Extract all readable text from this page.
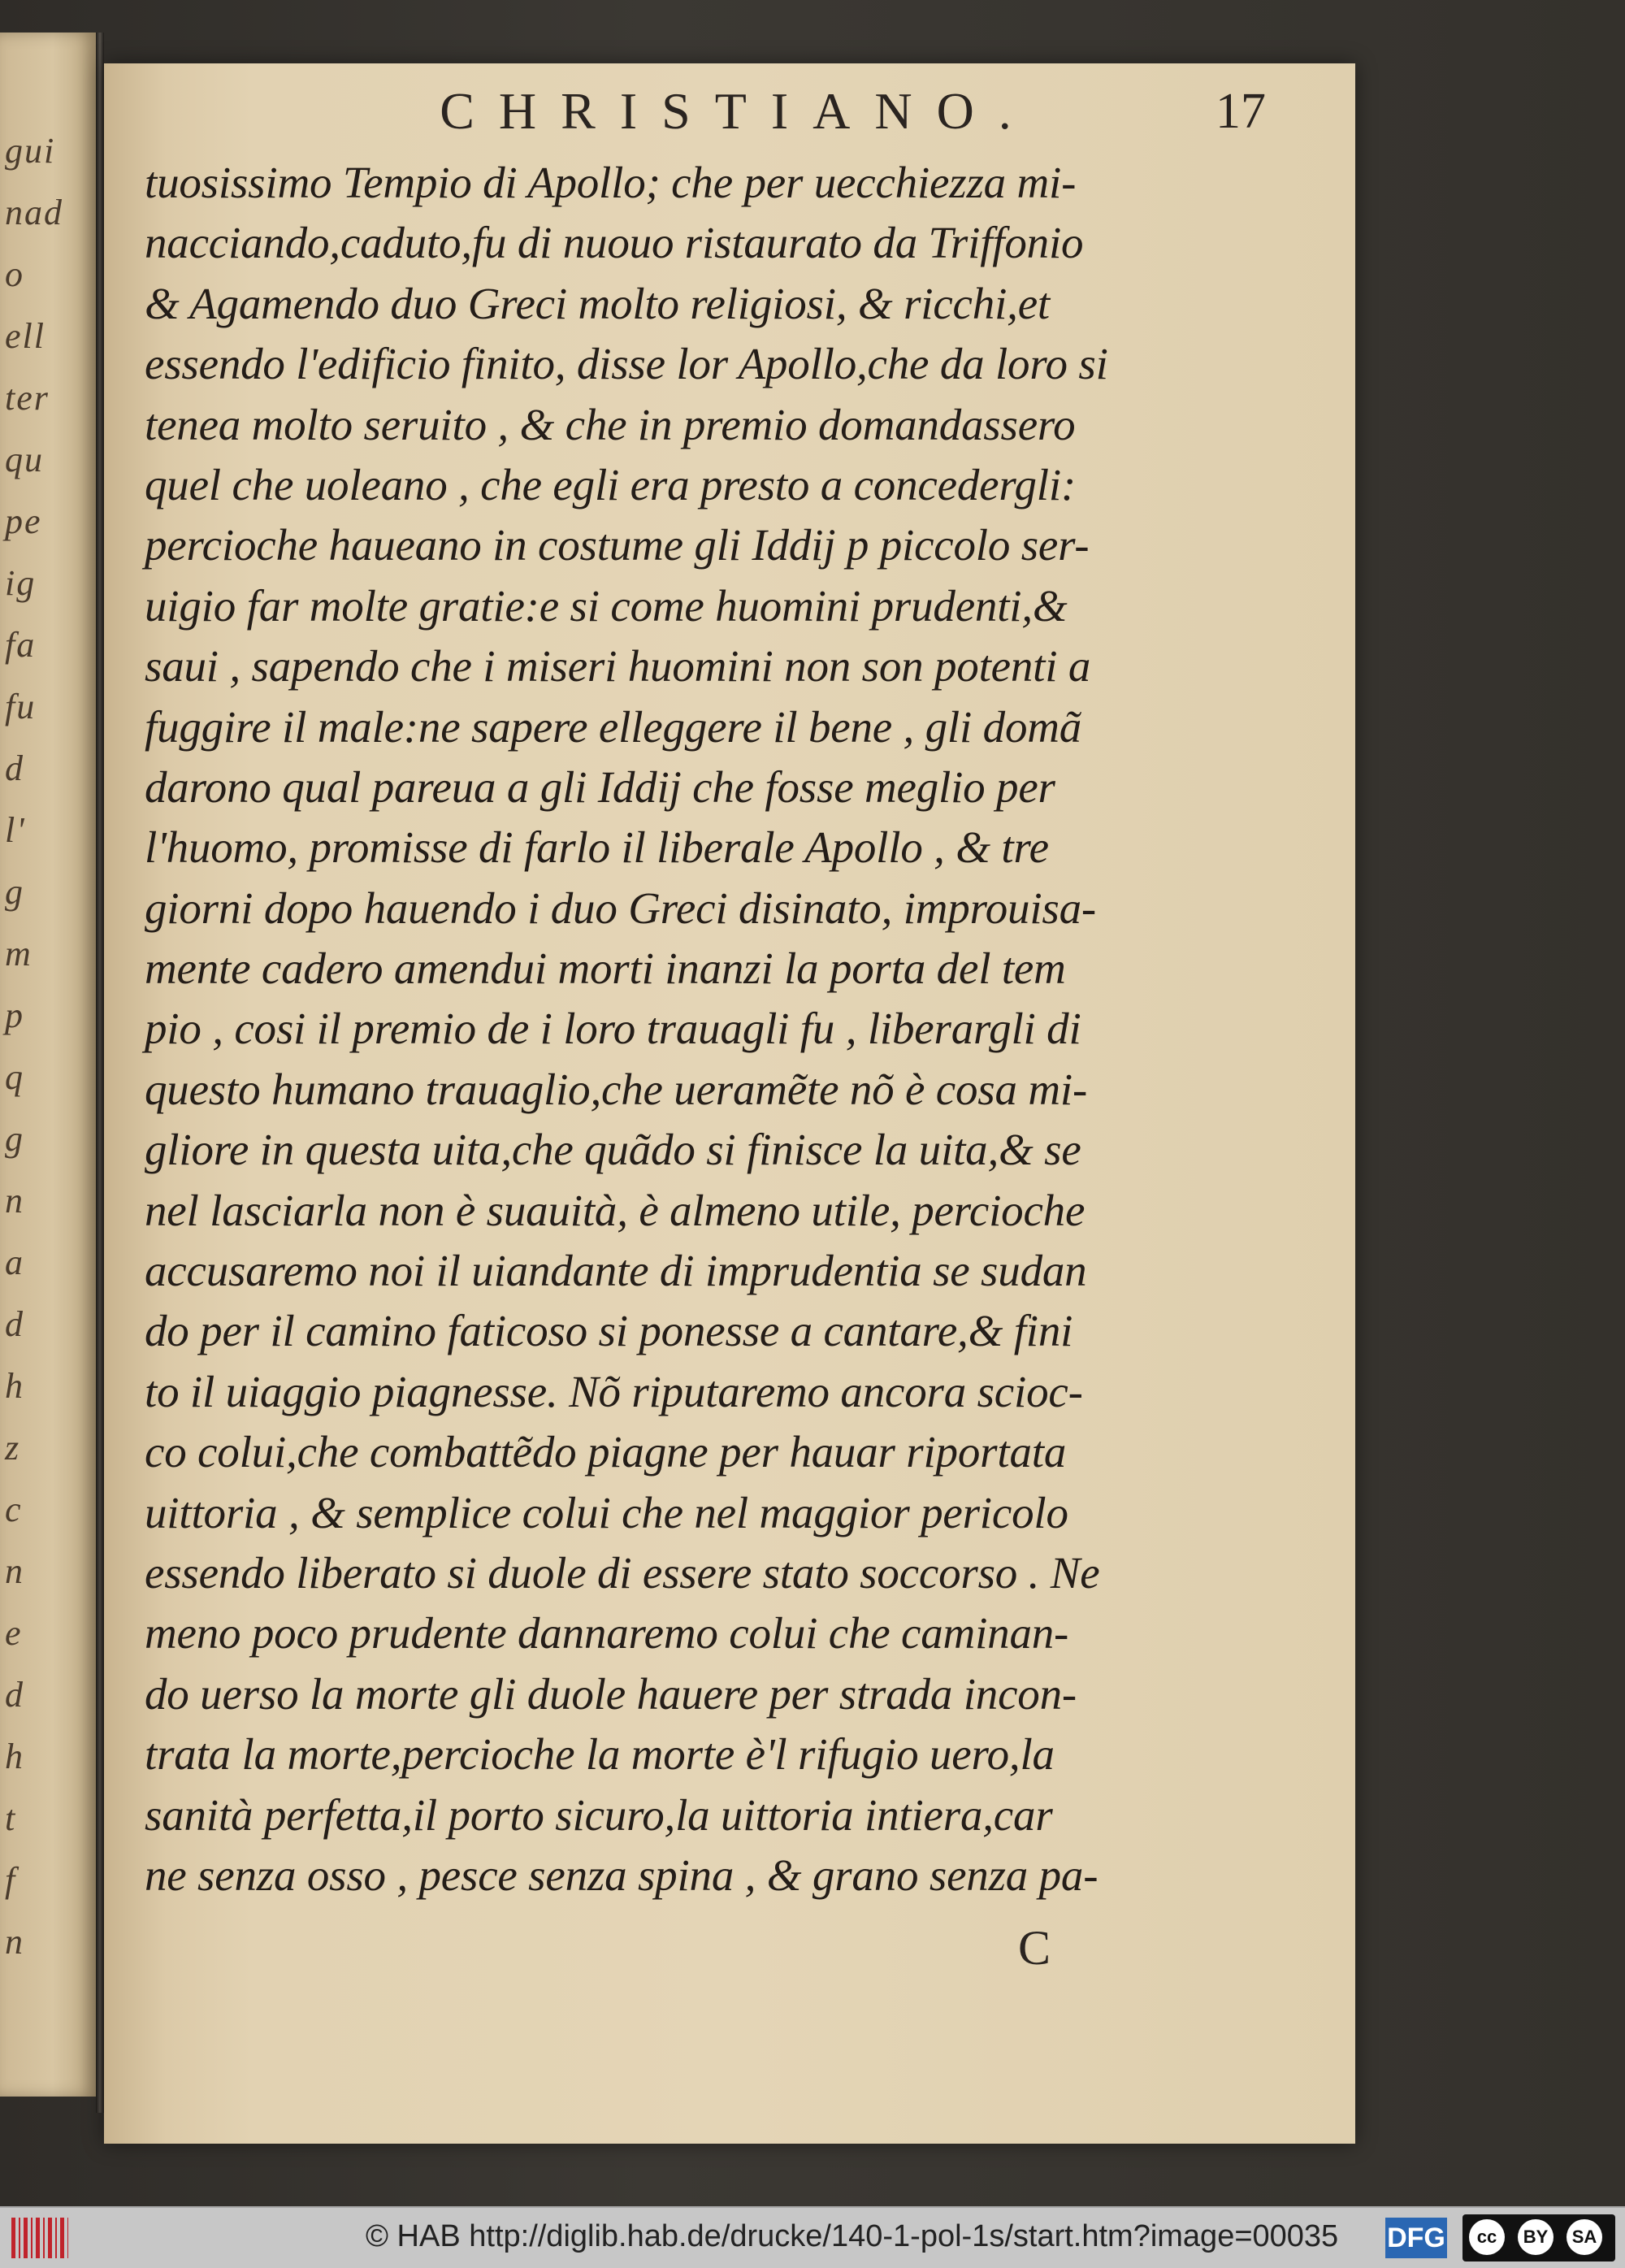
gui
nad
o
ell
ter
qu
pe
ig
fa
fu
d
l'
g
m
p
q
g
n
a
d
h
z
c
n
e
d
h
t
f
n
CHRISTIANO.	17
tuosissimo Tempio di Apollo; che per uecchiezza mi-
nacciando,caduto,fu di nuouo ristaurato da Triffonio
& Agamendo duo Greci molto religiosi, & ricchi,et
essendo l'edificio finito, disse lor Apollo,che da loro si
tenea molto seruito , & che in premio domandassero
quel che uoleano , che egli era presto a concedergli:
percioche haueano in costume gli Iddij p piccolo ser-
uigio far molte gratie:e si come huomini prudenti,&
saui , sapendo che i miseri huomini non son potenti a
fuggire il male:ne sapere elleggere il bene , gli domã
darono qual pareua a gli Iddij che fosse meglio per
l'huomo, promisse di farlo il liberale Apollo , & tre
giorni dopo hauendo i duo Greci disinato, improuisa-
mente cadero amendui morti inanzi la porta del tem
pio , cosi il premio de i loro trauagli fu , liberargli di
questo humano trauaglio,che ueramẽte nõ è cosa mi-
gliore in questa uita,che quãdo si finisce la uita,& se
nel lasciarla non è suauità, è almeno utile, percioche
accusaremo noi il uiandante di imprudentia se sudan
do per il camino faticoso si ponesse a cantare,& fini
to il uiaggio piagnesse. Nõ riputaremo ancora scioc-
co colui,che combattẽdo piagne per hauar riportata
uittoria , & semplice colui che nel maggior pericolo
essendo liberato si duole di essere stato soccorso . Ne
meno poco prudente dannaremo colui che caminan-
do uerso la morte gli duole hauere per strada incon-
trata la morte,percioche la morte è'l rifugio uero,la
sanità perfetta,il porto sicuro,la uittoria intiera,car
ne senza osso , pesce senza spina , & grano senza pa-
C
© HAB http://diglib.hab.de/drucke/140-1-pol-1s/start.htm?image=00035 DFG	cc	BY	SA
